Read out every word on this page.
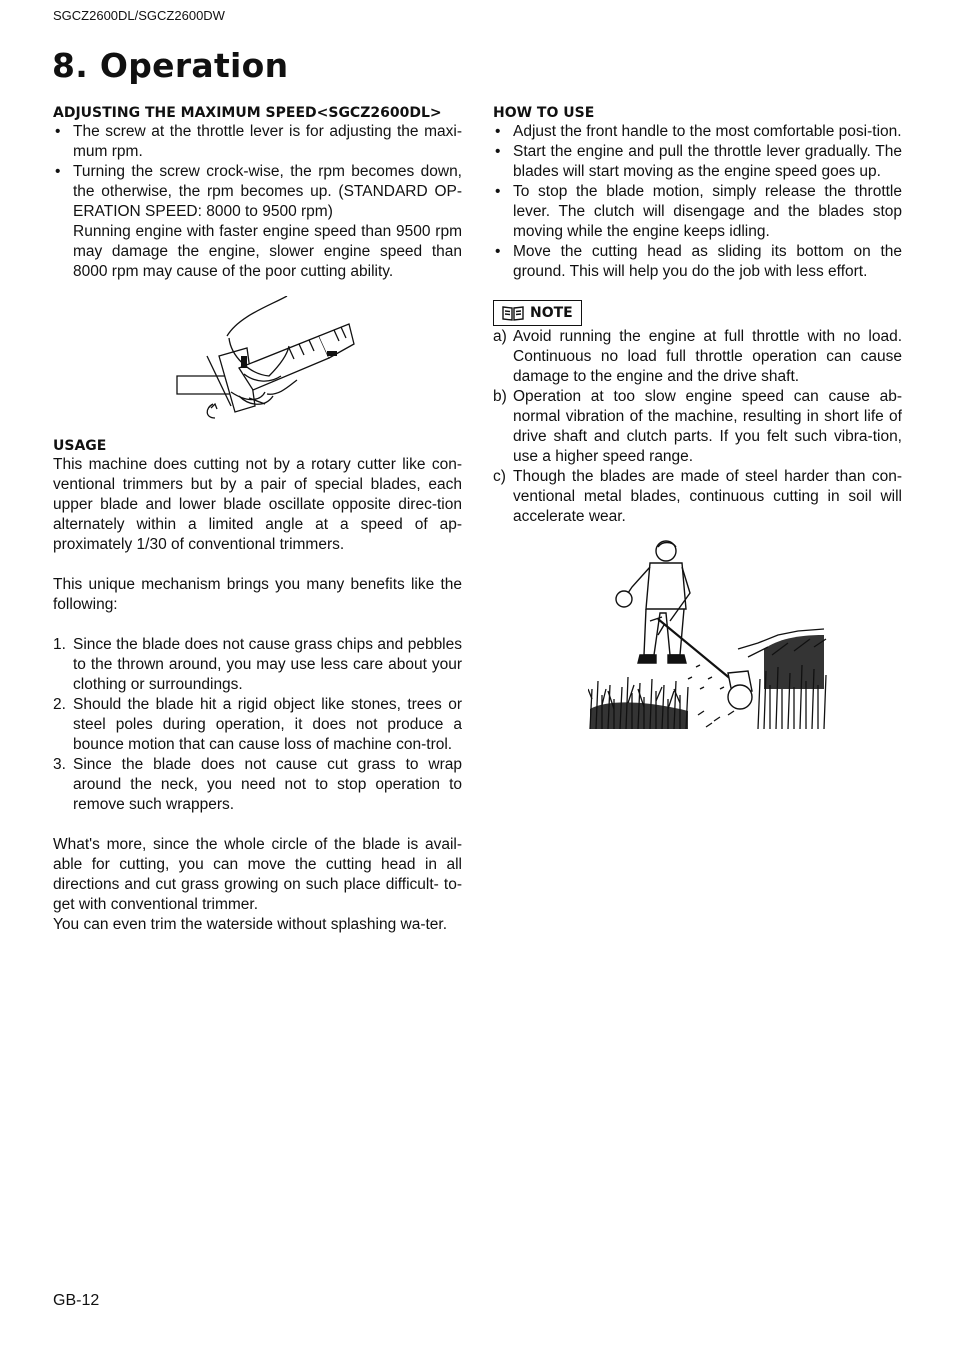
SGCZ2600DL/SGCZ2600DW
8. Operation
ADJUSTING THE MAXIMUM SPEED<SGCZ2600DL>
• The screw at the throttle lever is for adjusting the maxi-mum rpm.
• Turning the screw crock-wise, the rpm becomes down, the otherwise, the rpm becomes up. (STANDARD OP-ERATION SPEED: 8000 to 9500 rpm)

Running engine with faster engine speed than 9500 rpm may damage the engine, slower engine speed than 8000 rpm may cause of the poor cutting ability.

USAGE

This machine does cutting not by a rotary cutter like con-ventional trimmers but by a pair of special blades, each upper blade and lower blade oscillate opposite direc-tion alternately within a limited angle at a speed of ap-proximately 1/30 of conventional trimmers.

This unique mechanism brings you many benefits like the following:

1. Since the blade does not cause grass chips and pebbles to the thrown around, you may use less care about your clothing or surroundings.
2. Should the blade hit a rigid object like stones, trees or steel poles during operation, it does not produce a bounce motion that can cause loss of machine con-trol.
3. Since the blade does not cause cut grass to wrap around the neck, you need not to stop operation to remove such wrappers.

What's more, since the whole circle of the blade is avail-able for cutting, you can move the cutting head in all directions and cut grass growing on such place difficult- to- get with conventional trimmer.

You can even trim the waterside without splashing wa-ter.

HOW TO USE
• Adjust the front handle to the most comfortable posi-tion.
• Start the engine and pull the throttle lever gradually. The blades will start moving as the engine speed goes up.
• To stop the blade motion, simply release the throttle lever. The clutch will disengage and the blades stop moving while the engine keeps idling.
• Move the cutting head as sliding its bottom on the ground. This will help you do the job with less effort.
NOTE
a) Avoid running the engine at full throttle with no load. Continuous no load full throttle operation can cause damage to the engine and the drive shaft.
b) Operation at too slow engine speed can cause ab-normal vibration of the machine, resulting in short life of drive shaft and clutch parts. If you felt such vibra-tion, use a higher speed range.
c) Though the blades are made of steel harder than con-ventional metal blades, continuous cutting in soil will accelerate wear.
GB-12
